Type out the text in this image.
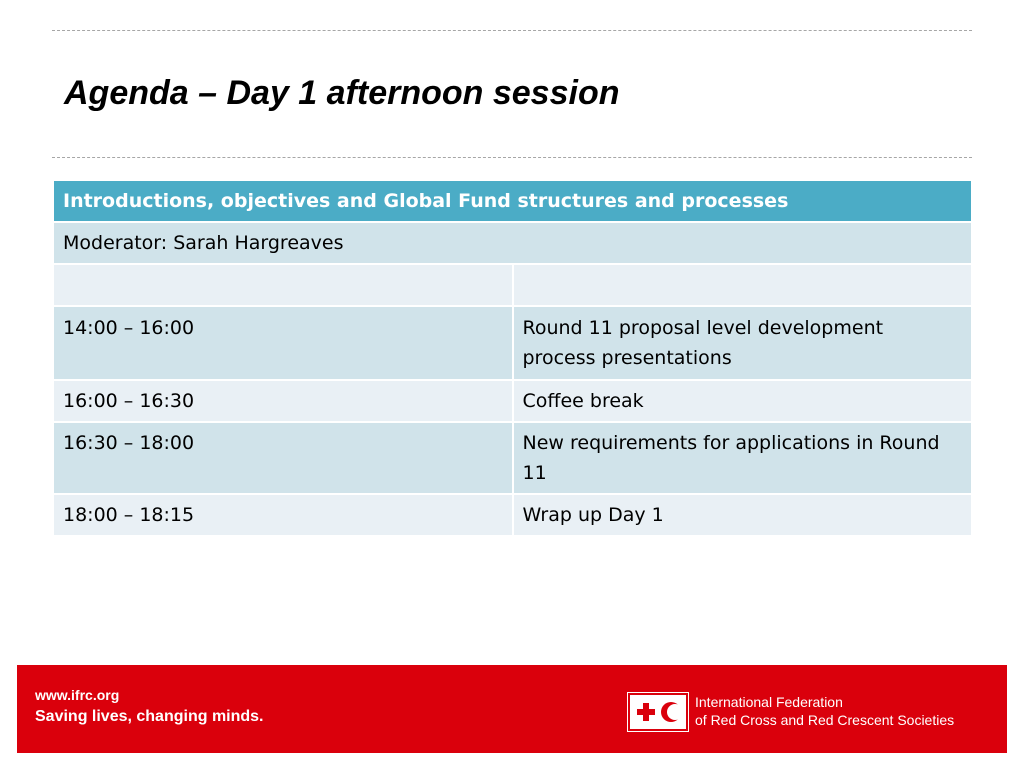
Agenda – Day 1 afternoon session
Introductions, objectives and Global Fund structures and processes	
Moderator: Sarah Hargreaves	

14:00 – 16:00	Round 11 proposal level development process presentations
16:00 – 16:30	Coffee break
16:30 – 18:00	New requirements for applications in Round 11
18:00 – 18:15	Wrap up Day 1
www.ifrc.org
Saving lives, changing minds.
International Federation
of Red Cross and Red Crescent Societies
